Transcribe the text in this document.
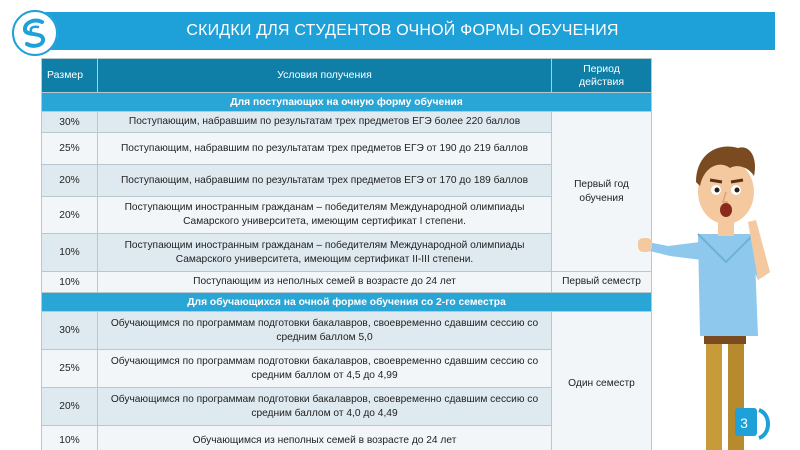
СКИДКИ ДЛЯ СТУДЕНТОВ ОЧНОЙ ФОРМЫ ОБУЧЕНИЯ
Размер	Условия получения	Период
действия
Для поступающих на очную форму обучения		
30%	Поступающим, набравшим по результатам трех предметов ЕГЭ более 220 баллов	Первый год обучения
25%	Поступающим, набравшим по результатам трех предметов ЕГЭ от 190 до 219 баллов	
20%	Поступающим, набравшим по результатам трех предметов ЕГЭ от 170 до 189 баллов	
20%	Поступающим иностранным гражданам – победителям Международной олимпиады Самарского университета, имеющим сертификат I степени.	
10%	Поступающим иностранным гражданам – победителям Международной олимпиады Самарского университета, имеющим сертификат II-III степени.	
10%	Поступающим из неполных семей в возрасте до 24 лет	Первый семестр
Для обучающихся на очной форме обучения со 2-го семестра		
30%	Обучающимся по программам подготовки бакалавров, своевременно сдавшим сессию со средним баллом 5,0	Один семестр
25%	Обучающимся по программам подготовки бакалавров, своевременно сдавшим сессию со средним баллом от 4,5 до 4,99	
20%	Обучающимся по программам подготовки бакалавров, своевременно сдавшим сессию со средним баллом от 4,0 до 4,49	
10%	Обучающимся из неполных семей в возрасте до 24 лет	
3
